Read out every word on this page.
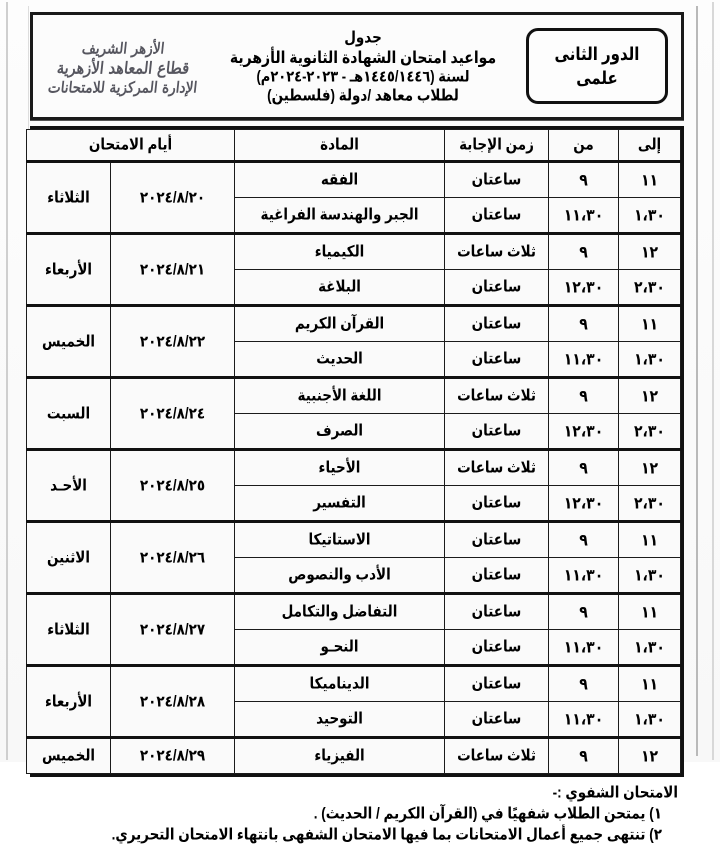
الدور الثانى
علمى
جدول
مواعيد امتحان الشهادة الثانوية الأزهرية
لسنة (١٤٤٥/١٤٤٦هـ - ٢٠٢٣-٢٠٢٤م)
لطلاب معاهد /دولة (فلسطين)
الأزهر الشريف
قطاع المعاهد الأزهرية
الإدارة المركزية للامتحانات
إلى	من	زمن الإجابة	المادة	أيام الامتحان	
١١	٩	ساعتان	الفقه	٢٠٢٤/٨/٢٠	الثلاثاء
١،٣٠	١١،٣٠	ساعتان	الجبر والهندسة الفراغية		
١٢	٩	ثلاث ساعات	الكيمياء	٢٠٢٤/٨/٢١	الأربعاء
٢،٣٠	١٢،٣٠	ساعتان	البلاغة		
١١	٩	ساعتان	القرآن الكريم	٢٠٢٤/٨/٢٢	الخميس
١،٣٠	١١،٣٠	ساعتان	الحديث		
١٢	٩	ثلاث ساعات	اللغة الأجنبية	٢٠٢٤/٨/٢٤	السبت
٢،٣٠	١٢،٣٠	ساعتان	الصرف		
١٢	٩	ثلاث ساعات	الأحياء	٢٠٢٤/٨/٢٥	الأحـد
٢،٣٠	١٢،٣٠	ساعتان	التفسير		
١١	٩	ساعتان	الاستاتيكا	٢٠٢٤/٨/٢٦	الاثنين
١،٣٠	١١،٣٠	ساعتان	الأدب والنصوص		
١١	٩	ساعتان	التفاضل والتكامل	٢٠٢٤/٨/٢٧	الثلاثاء
١،٣٠	١١،٣٠	ساعتان	النحـو		
١١	٩	ساعتان	الديناميكا	٢٠٢٤/٨/٢٨	الأربعاء
١،٣٠	١١،٣٠	ساعتان	التوحيد		
١٢	٩	ثلاث ساعات	الفيزياء	٢٠٢٤/٨/٢٩	الخميس
الامتحان الشفوي :-
١) يمتحن الطلاب شفهيًا في (القرآن الكريم / الحديث) .
٢) تنتهى جميع أعمال الامتحانات بما فيها الامتحان الشفهى بانتهاء الامتحان التحريري.
